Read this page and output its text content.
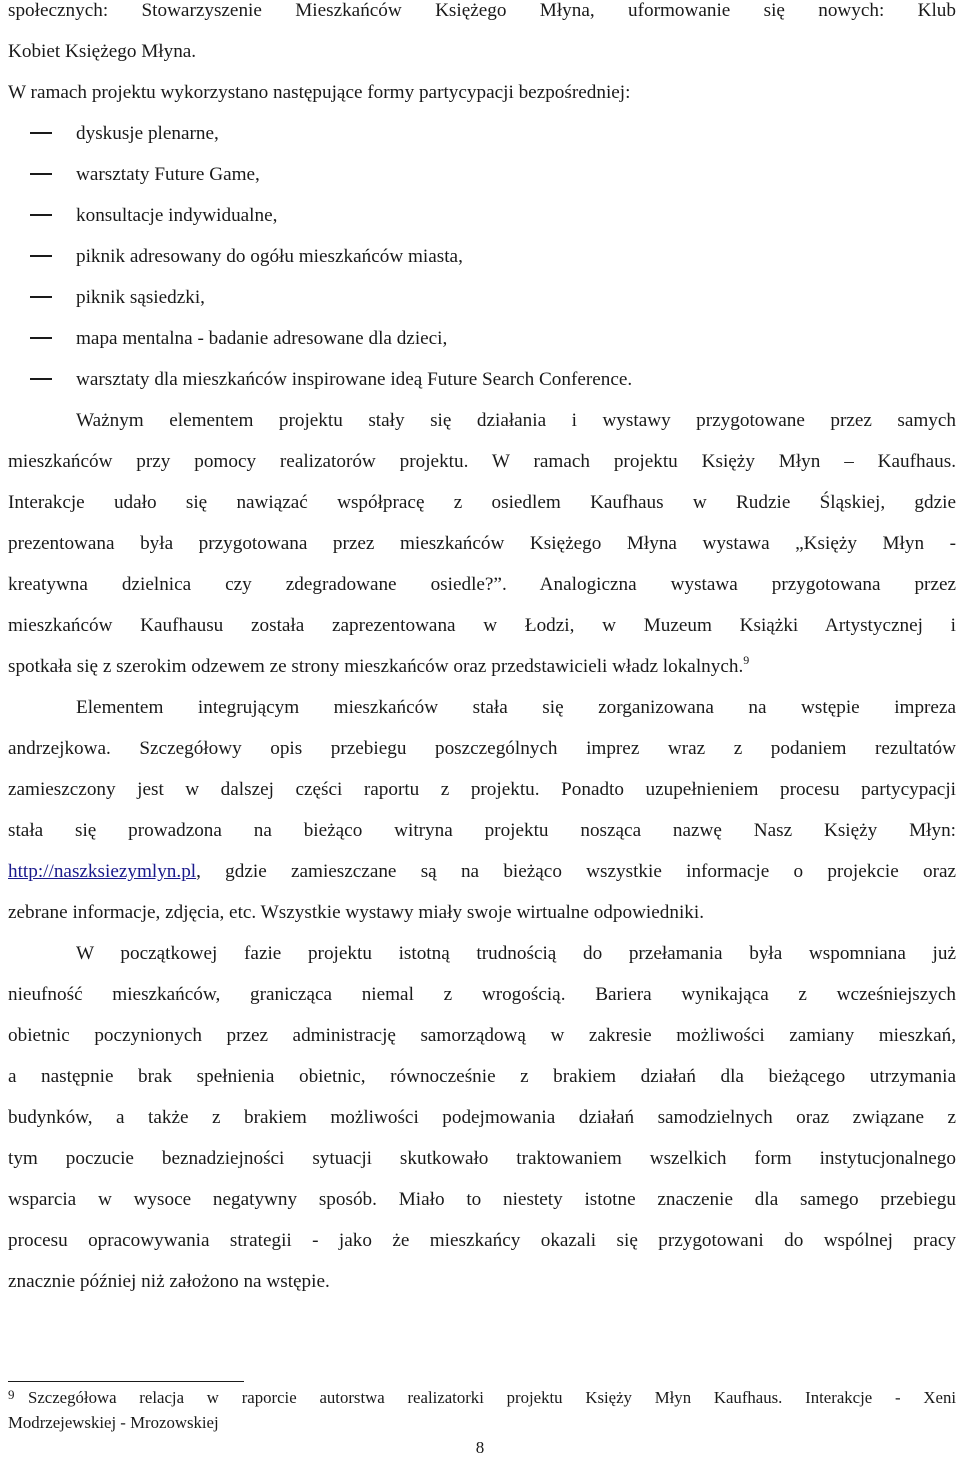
społecznych: Stowarzyszenie Mieszkańców Księżego Młyna, uformowanie się nowych: Klub
Kobiet Księżego Młyna.
W ramach projektu wykorzystano następujące formy partycypacji bezpośredniej:
dyskusje plenarne,
warsztaty Future Game,
konsultacje indywidualne,
piknik adresowany do ogółu mieszkańców miasta,
piknik sąsiedzki,
mapa mentalna - badanie adresowane dla dzieci,
warsztaty dla mieszkańców inspirowane ideą Future Search Conference.
Ważnym elementem projektu stały się działania i wystawy przygotowane przez samych
mieszkańców przy pomocy realizatorów projektu. W ramach projektu Księży Młyn – Kaufhaus.
Interakcje udało się nawiązać współpracę z osiedlem Kaufhaus w Rudzie Śląskiej, gdzie
prezentowana była przygotowana przez mieszkańców Księżego Młyna wystawa „Księży Młyn -
kreatywna dzielnica czy zdegradowane osiedle?”. Analogiczna wystawa przygotowana przez
mieszkańców Kaufhausu została zaprezentowana w Łodzi, w Muzeum Książki Artystycznej i
spotkała się z szerokim odzewem ze strony mieszkańców oraz przedstawicieli władz lokalnych.$^9$
Elementem integrującym mieszkańców stała się zorganizowana na wstępie impreza
andrzejkowa. Szczegółowy opis przebiegu poszczególnych imprez wraz z podaniem rezultatów
zamieszczony jest w dalszej części raportu z projektu. Ponadto uzupełnieniem procesu partycypacji
stała się prowadzona na bieżąco witryna projektu nosząca nazwę Nasz Księży Młyn:
http://naszksiezymlyn.pl, gdzie zamieszczane są na bieżąco wszystkie informacje o projekcie oraz
zebrane informacje, zdjęcia, etc. Wszystkie wystawy miały swoje wirtualne odpowiedniki.
W początkowej fazie projektu istotną trudnością do przełamania była wspomniana już
nieufność mieszkańców, granicząca niemal z wrogością. Bariera wynikająca z wcześniejszych
obietnic poczynionych przez administrację samorządową w zakresie możliwości zamiany mieszkań,
a następnie brak spełnienia obietnic, równocześnie z brakiem działań dla bieżącego utrzymania
budynków, a także z brakiem możliwości podejmowania działań samodzielnych oraz związane z
tym poczucie beznadziejności sytuacji skutkowało traktowaniem wszelkich form instytucjonalnego
wsparcia w wysoce negatywny sposób. Miało to niestety istotne znaczenie dla samego przebiegu
procesu opracowywania strategii - jako że mieszkańcy okazali się przygotowani do wspólnej pracy
znacznie później niż założono na wstępie.
9 Szczegółowa relacja w raporcie autorstwa realizatorki projektu Księży Młyn Kaufhaus. Interakcje - Xeni
Modrzejewskiej - Mrozowskiej
8
